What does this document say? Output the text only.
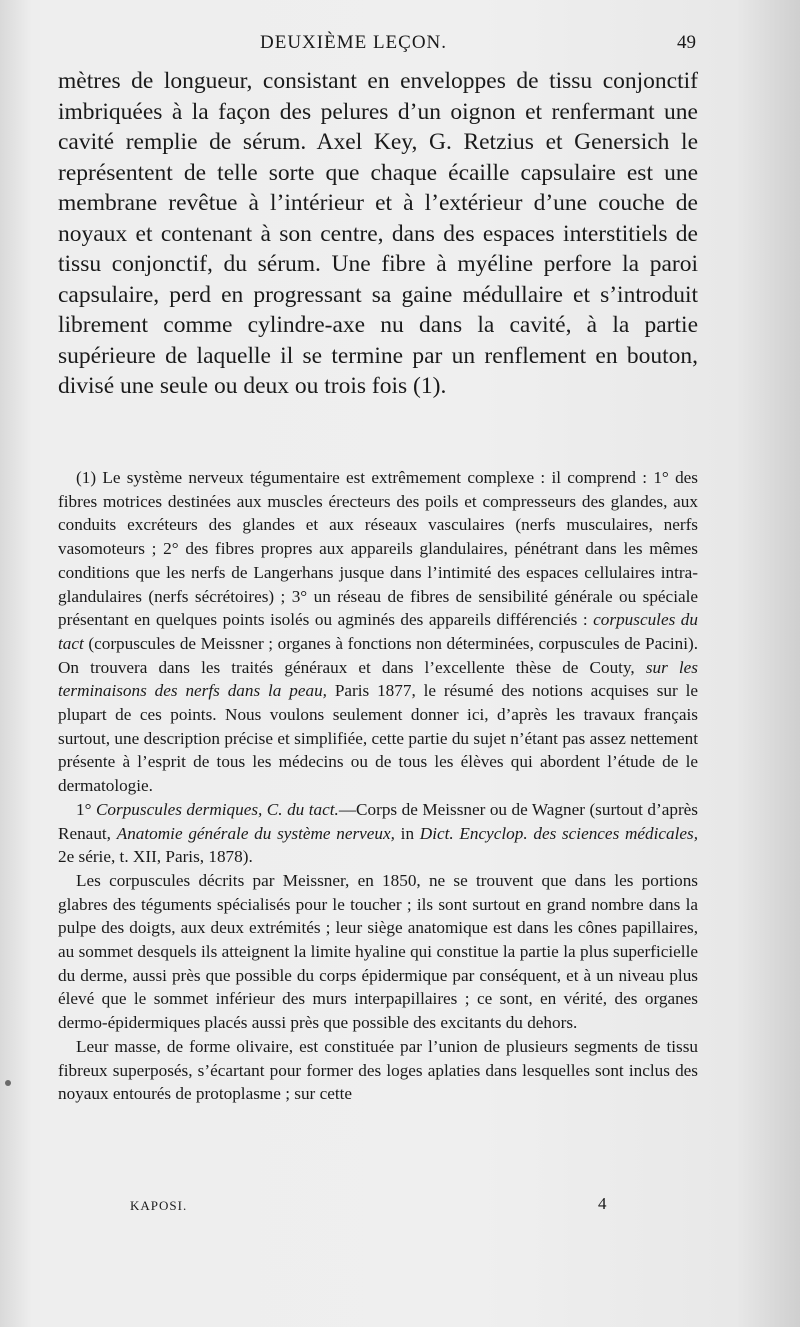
DEUXIÈME LEÇON.	49

mètres de longueur, consistant en enveloppes de tissu conjonctif imbriquées à la façon des pelures d’un oignon et renfermant une cavité remplie de sérum. Axel Key, G. Retzius et Genersich le représentent de telle sorte que chaque écaille capsulaire est une membrane revêtue à l’intérieur et à l’extérieur d’une couche de noyaux et contenant à son centre, dans des espaces interstitiels de tissu conjonctif, du sérum. Une fibre à myéline perfore la paroi capsulaire, perd en progressant sa gaine médullaire et s’introduit librement comme cylindre-axe nu dans la cavité, à la partie supérieure de laquelle il se termine par un renflement en bouton, divisé une seule ou deux ou trois fois (1).

(1) Le système nerveux tégumentaire est extrêmement complexe : il comprend : 1° des fibres motrices destinées aux muscles érecteurs des poils et compresseurs des glandes, aux conduits excréteurs des glandes et aux réseaux vasculaires (nerfs musculaires, nerfs vasomoteurs ; 2° des fibres propres aux appareils glandulaires, pénétrant dans les mêmes conditions que les nerfs de Langerhans jusque dans l’intimité des espaces cellulaires intra-glandulaires (nerfs sécrétoires) ; 3° un réseau de fibres de sensibilité générale ou spéciale présentant en quelques points isolés ou agminés des appareils différenciés : corpuscules du tact (corpuscules de Meissner ; organes à fonctions non déterminées, corpuscules de Pacini). On trouvera dans les traités généraux et dans l’excellente thèse de Couty, sur les terminaisons des nerfs dans la peau, Paris 1877, le résumé des notions acquises sur le plupart de ces points. Nous voulons seulement donner ici, d’après les travaux français surtout, une description précise et simplifiée, cette partie du sujet n’étant pas assez nettement présente à l’esprit de tous les médecins ou de tous les élèves qui abordent l’étude de le dermatologie.

1° Corpuscules dermiques, C. du tact.—Corps de Meissner ou de Wagner (surtout d’après Renaut, Anatomie générale du système nerveux, in Dict. Encyclop. des sciences médicales, 2e série, t. XII, Paris, 1878).

Les corpuscules décrits par Meissner, en 1850, ne se trouvent que dans les portions glabres des téguments spécialisés pour le toucher ; ils sont surtout en grand nombre dans la pulpe des doigts, aux deux extrémités ; leur siège anatomique est dans les cônes papillaires, au sommet desquels ils atteignent la limite hyaline qui constitue la partie la plus superficielle du derme, aussi près que possible du corps épidermique par conséquent, et à un niveau plus élevé que le sommet inférieur des murs interpapillaires ; ce sont, en vérité, des organes dermo-épidermiques placés aussi près que possible des excitants du dehors.

Leur masse, de forme olivaire, est constituée par l’union de plusieurs segments de tissu fibreux superposés, s’écartant pour former des loges aplaties dans lesquelles sont inclus des noyaux entourés de protoplasme ; sur cette

KAPOSI.	4
